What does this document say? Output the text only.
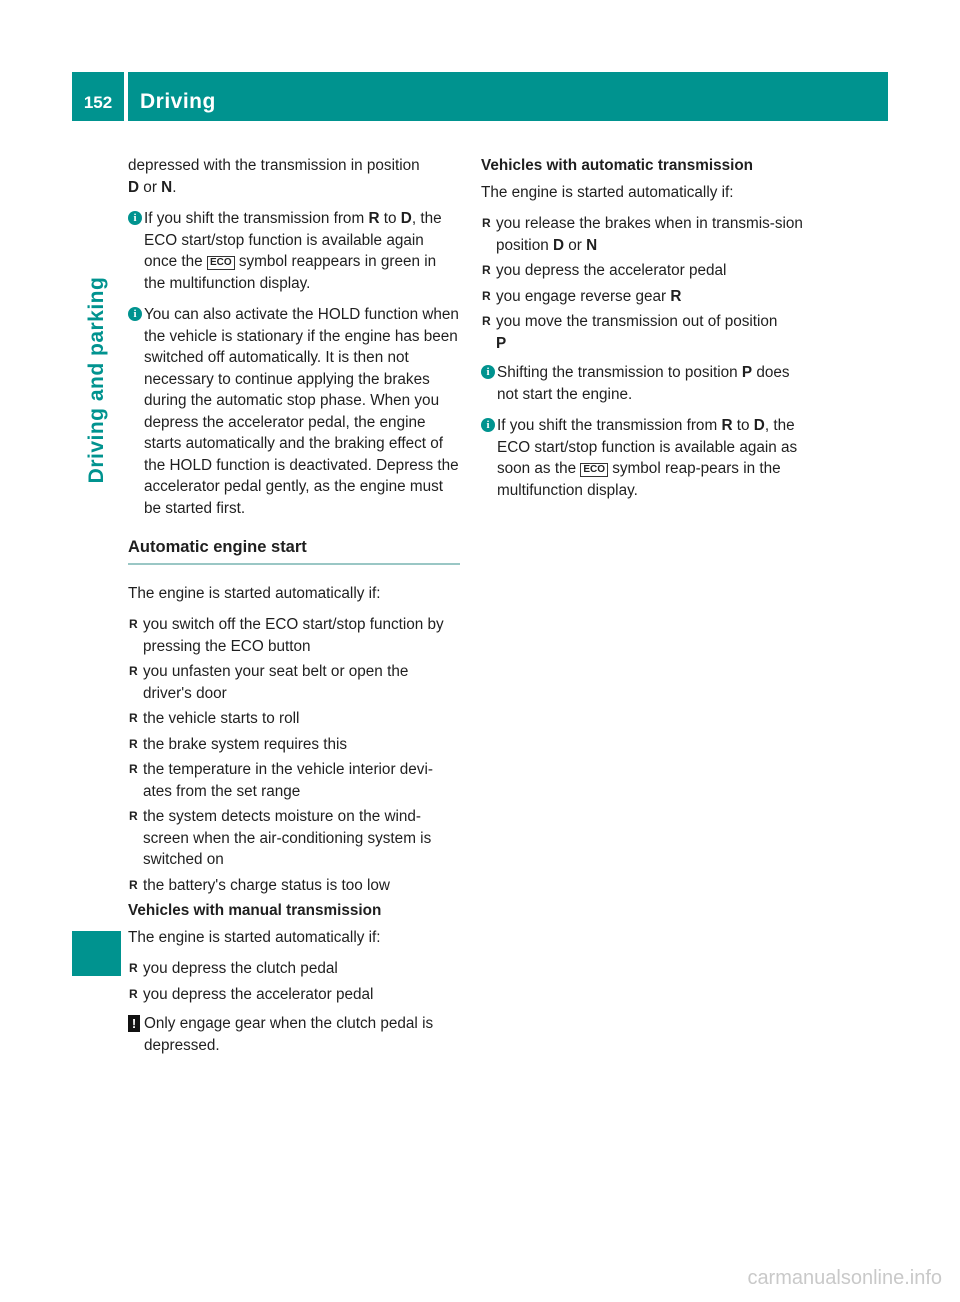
152	Driving
Driving and parking

depressed with the transmission in position
D or N.

i If you shift the transmission from R to D, the ECO start/stop function is available again once the ECO symbol reappears in green in the multifunction display.
i You can also activate the HOLD function when the vehicle is stationary if the engine has been switched off automatically. It is then not necessary to continue applying the brakes during the automatic stop phase. When you depress the accelerator pedal, the engine starts automatically and the braking effect of the HOLD function is deactivated. Depress the accelerator pedal gently, as the engine must be started first.
Automatic engine start

The engine is started automatically if:

R you switch off the ECO start/stop function by pressing the ECO button
R you unfasten your seat belt or open the driver's door
R the vehicle starts to roll
R the brake system requires this
R the temperature in the vehicle interior devi-ates from the set range
R the system detects moisture on the wind-screen when the air-conditioning system is switched on
R the battery's charge status is too low

Vehicles with manual transmission

The engine is started automatically if:

R you depress the clutch pedal
R you depress the accelerator pedal
! Only engage gear when the clutch pedal is depressed.

Vehicles with automatic transmission

The engine is started automatically if:

R you release the brakes when in transmis-sion position D or N
R you depress the accelerator pedal
R you engage reverse gear R
R you move the transmission out of position
P
i Shifting the transmission to position P does not start the engine.
i If you shift the transmission from R to D, the ECO start/stop function is available again as soon as the ECO symbol reap-pears in the multifunction display.
carmanualsonline.info
